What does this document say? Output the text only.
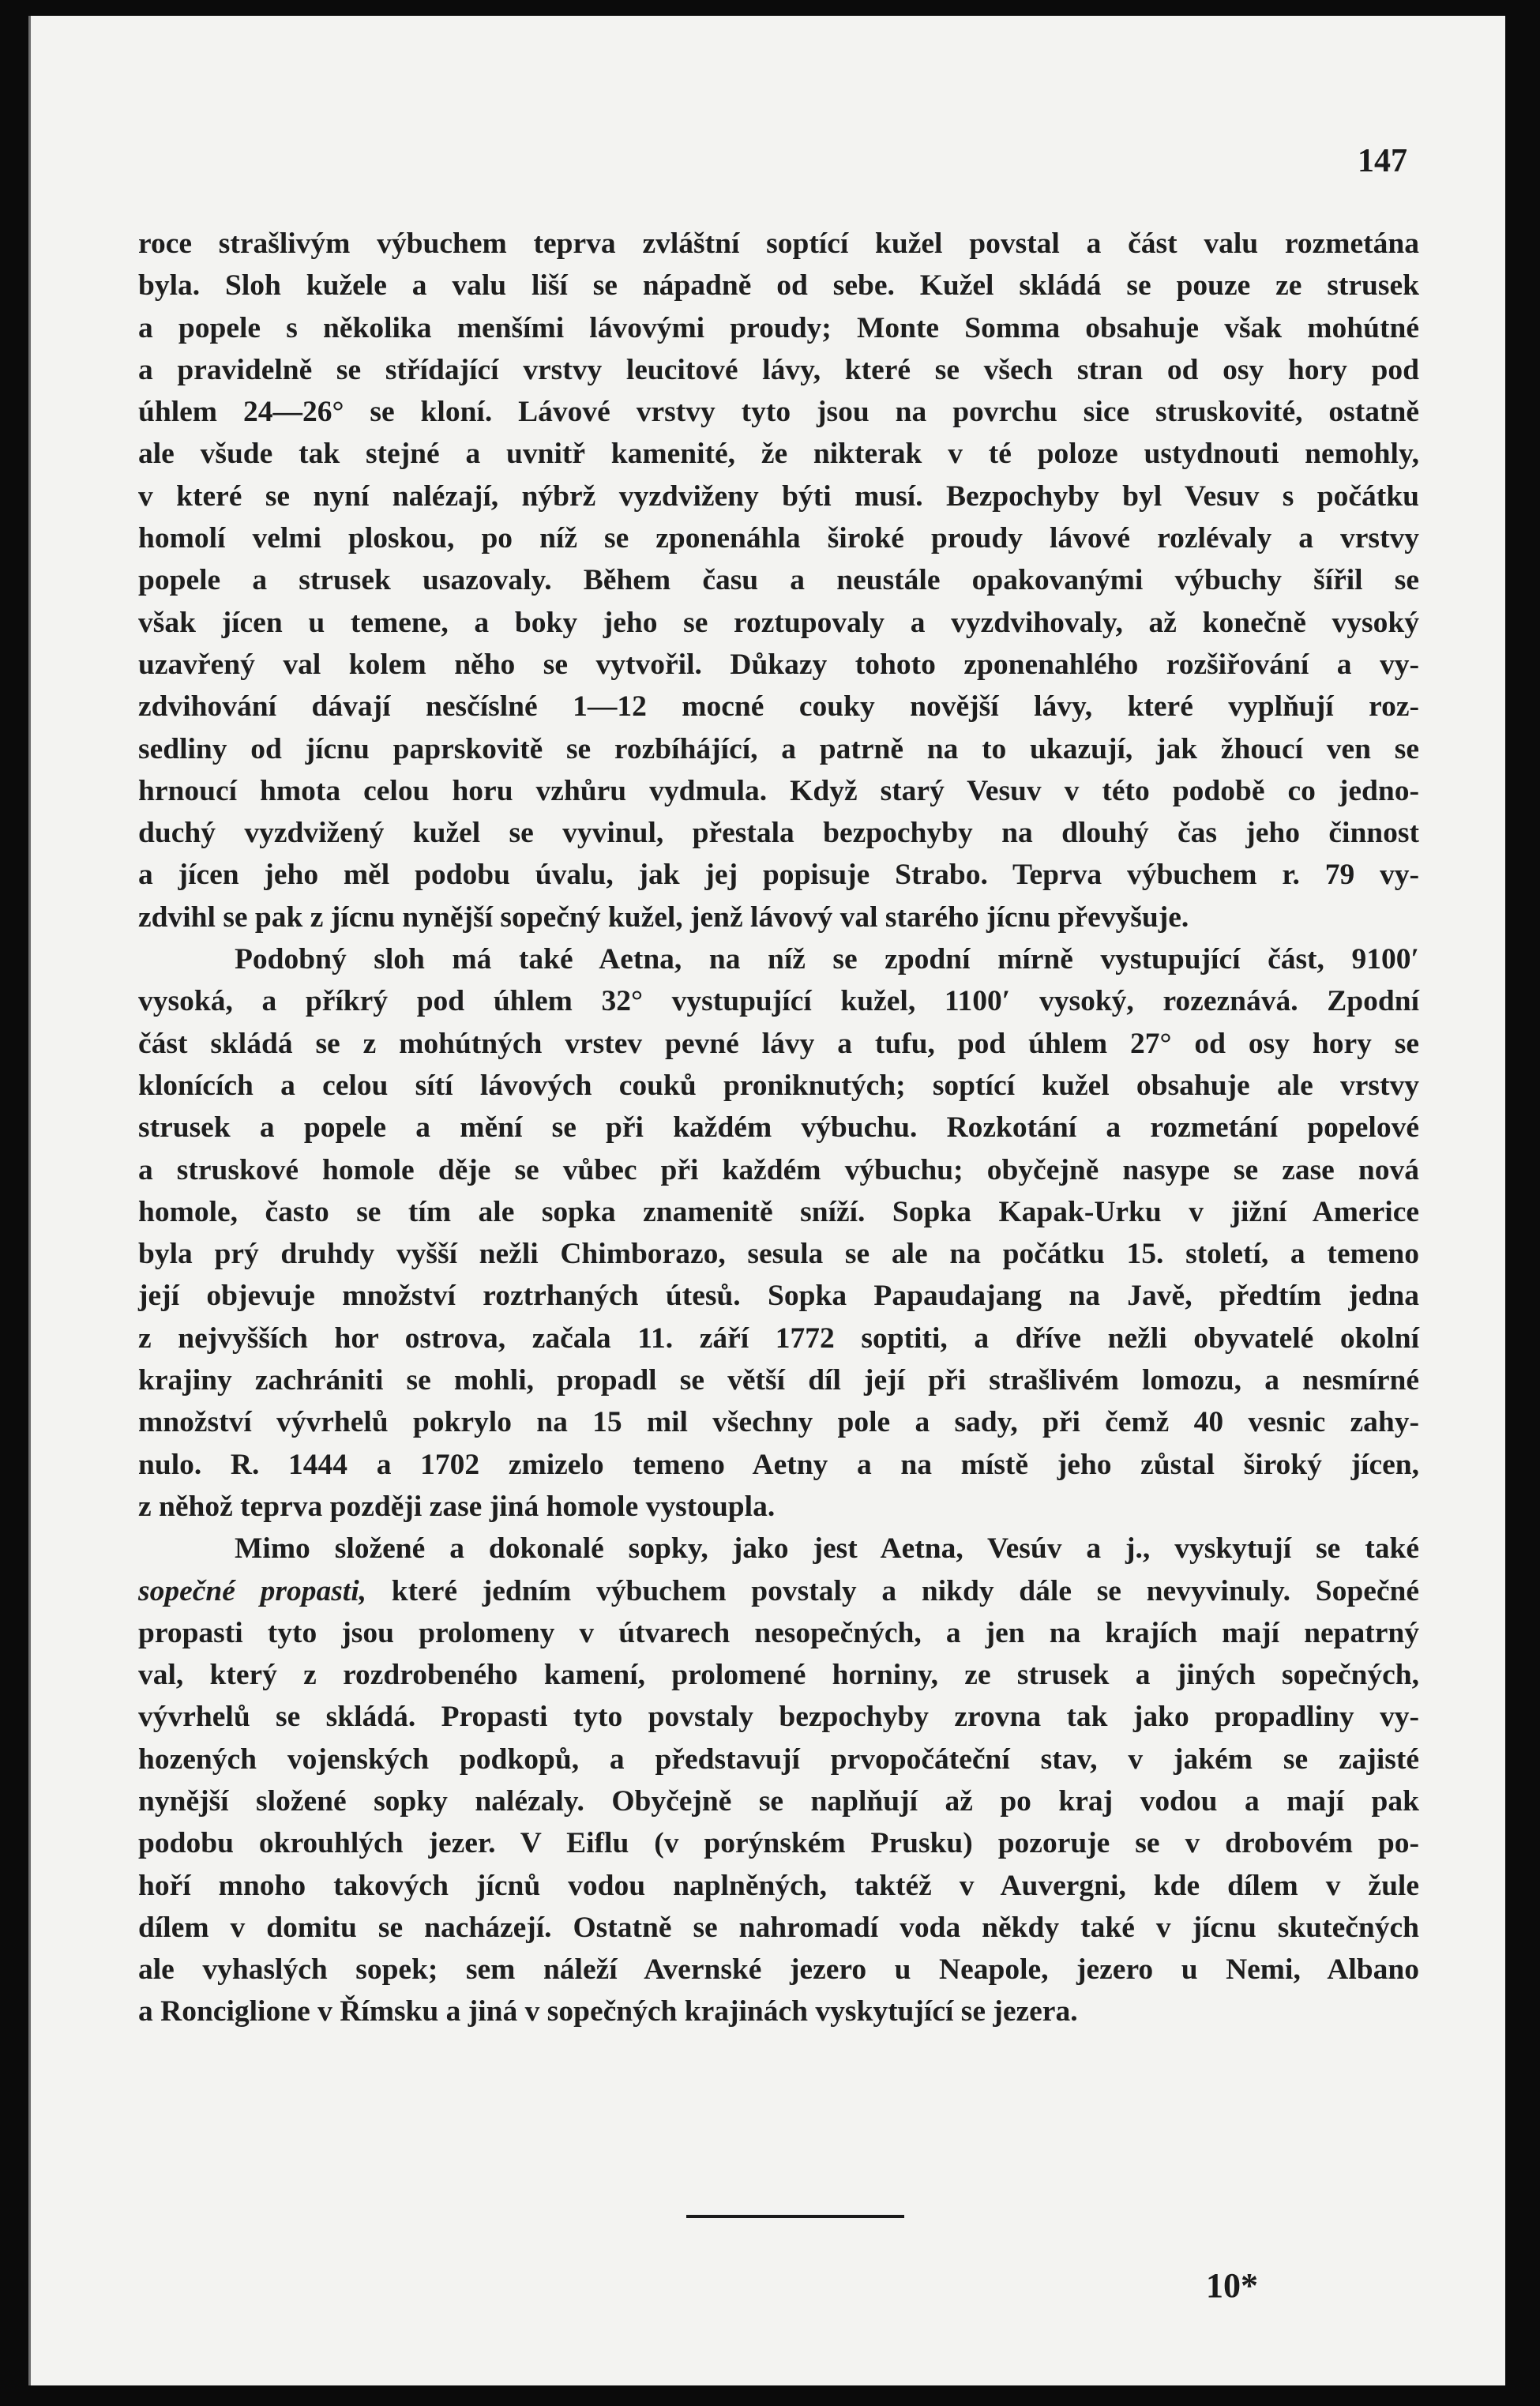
147
roce strašlivým výbuchem teprva zvláštní soptící kužel povstal a část valu rozmetána
byla. Sloh kužele a valu liší se nápadně od sebe. Kužel skládá se pouze ze strusek
a popele s několika menšími lávovými proudy; Monte Somma obsahuje však mohútné
a pravidelně se střídající vrstvy leucitové lávy, které se všech stran od osy hory pod
úhlem 24—26° se kloní. Lávové vrstvy tyto jsou na povrchu sice struskovité, ostatně
ale všude tak stejné a uvnitř kamenité, že nikterak v té poloze ustydnouti nemohly,
v které se nyní nalézají, nýbrž vyzdviženy býti musí. Bezpochyby byl Vesuv s počátku
homolí velmi ploskou, po níž se zponenáhla široké proudy lávové rozlévaly a vrstvy
popele a strusek usazovaly. Během času a neustále opakovanými výbuchy šířil se
však jícen u temene, a boky jeho se roztupovaly a vyzdvihovaly, až konečně vysoký
uzavřený val kolem něho se vytvořil. Důkazy tohoto zponenahlého rozšiřování a vy-
zdvihování dávají nesčíslné 1—12 mocné couky novější lávy, které vyplňují roz-
sedliny od jícnu paprskovitě se rozbíhájící, a patrně na to ukazují, jak žhoucí ven se
hrnoucí hmota celou horu vzhůru vydmula. Když starý Vesuv v této podobě co jedno-
duchý vyzdvižený kužel se vyvinul, přestala bezpochyby na dlouhý čas jeho činnost
a jícen jeho měl podobu úvalu, jak jej popisuje Strabo. Teprva výbuchem r. 79 vy-
zdvihl se pak z jícnu nynější sopečný kužel, jenž lávový val starého jícnu převyšuje.
Podobný sloh má také Aetna, na níž se zpodní mírně vystupující část, 9100′
vysoká, a příkrý pod úhlem 32° vystupující kužel, 1100′ vysoký, rozeznává. Zpodní
část skládá se z mohútných vrstev pevné lávy a tufu, pod úhlem 27° od osy hory se
klonících a celou sítí lávových couků proniknutých; soptící kužel obsahuje ale vrstvy
strusek a popele a mění se při každém výbuchu. Rozkotání a rozmetání popelové
a struskové homole děje se vůbec při každém výbuchu; obyčejně nasype se zase nová
homole, často se tím ale sopka znamenitě sníží. Sopka Kapak-Urku v jižní Americe
byla prý druhdy vyšší nežli Chimborazo, sesula se ale na počátku 15. století, a temeno
její objevuje množství roztrhaných útesů. Sopka Papaudajang na Javě, předtím jedna
z nejvyšších hor ostrova, začala 11. září 1772 soptiti, a dříve nežli obyvatelé okolní
krajiny zachrániti se mohli, propadl se větší díl její při strašlivém lomozu, a nesmírné
množství vývrhelů pokrylo na 15 mil všechny pole a sady, při čemž 40 vesnic zahy-
nulo. R. 1444 a 1702 zmizelo temeno Aetny a na místě jeho zůstal široký jícen,
z něhož teprva později zase jiná homole vystoupla.
Mimo složené a dokonalé sopky, jako jest Aetna, Vesúv a j., vyskytují se také
sopečné propasti, které jedním výbuchem povstaly a nikdy dále se nevyvinuly. Sopečné
propasti tyto jsou prolomeny v útvarech nesopečných, a jen na krajích mají nepatrný
val, který z rozdrobeného kamení, prolomené horniny, ze strusek a jiných sopečných,
vývrhelů se skládá. Propasti tyto povstaly bezpochyby zrovna tak jako propadliny vy-
hozených vojenských podkopů, a představují prvopočáteční stav, v jakém se zajisté
nynější složené sopky nalézaly. Obyčejně se naplňují až po kraj vodou a mají pak
podobu okrouhlých jezer. V Eiflu (v porýnském Prusku) pozoruje se v drobovém po-
hoří mnoho takových jícnů vodou naplněných, taktéž v Auvergni, kde dílem v žule
dílem v domitu se nacházejí. Ostatně se nahromadí voda někdy také v jícnu skutečných
ale vyhaslých sopek; sem náleží Avernské jezero u Neapole, jezero u Nemi, Albano
a Ronciglione v Římsku a jiná v sopečných krajinách vyskytující se jezera.
10*
